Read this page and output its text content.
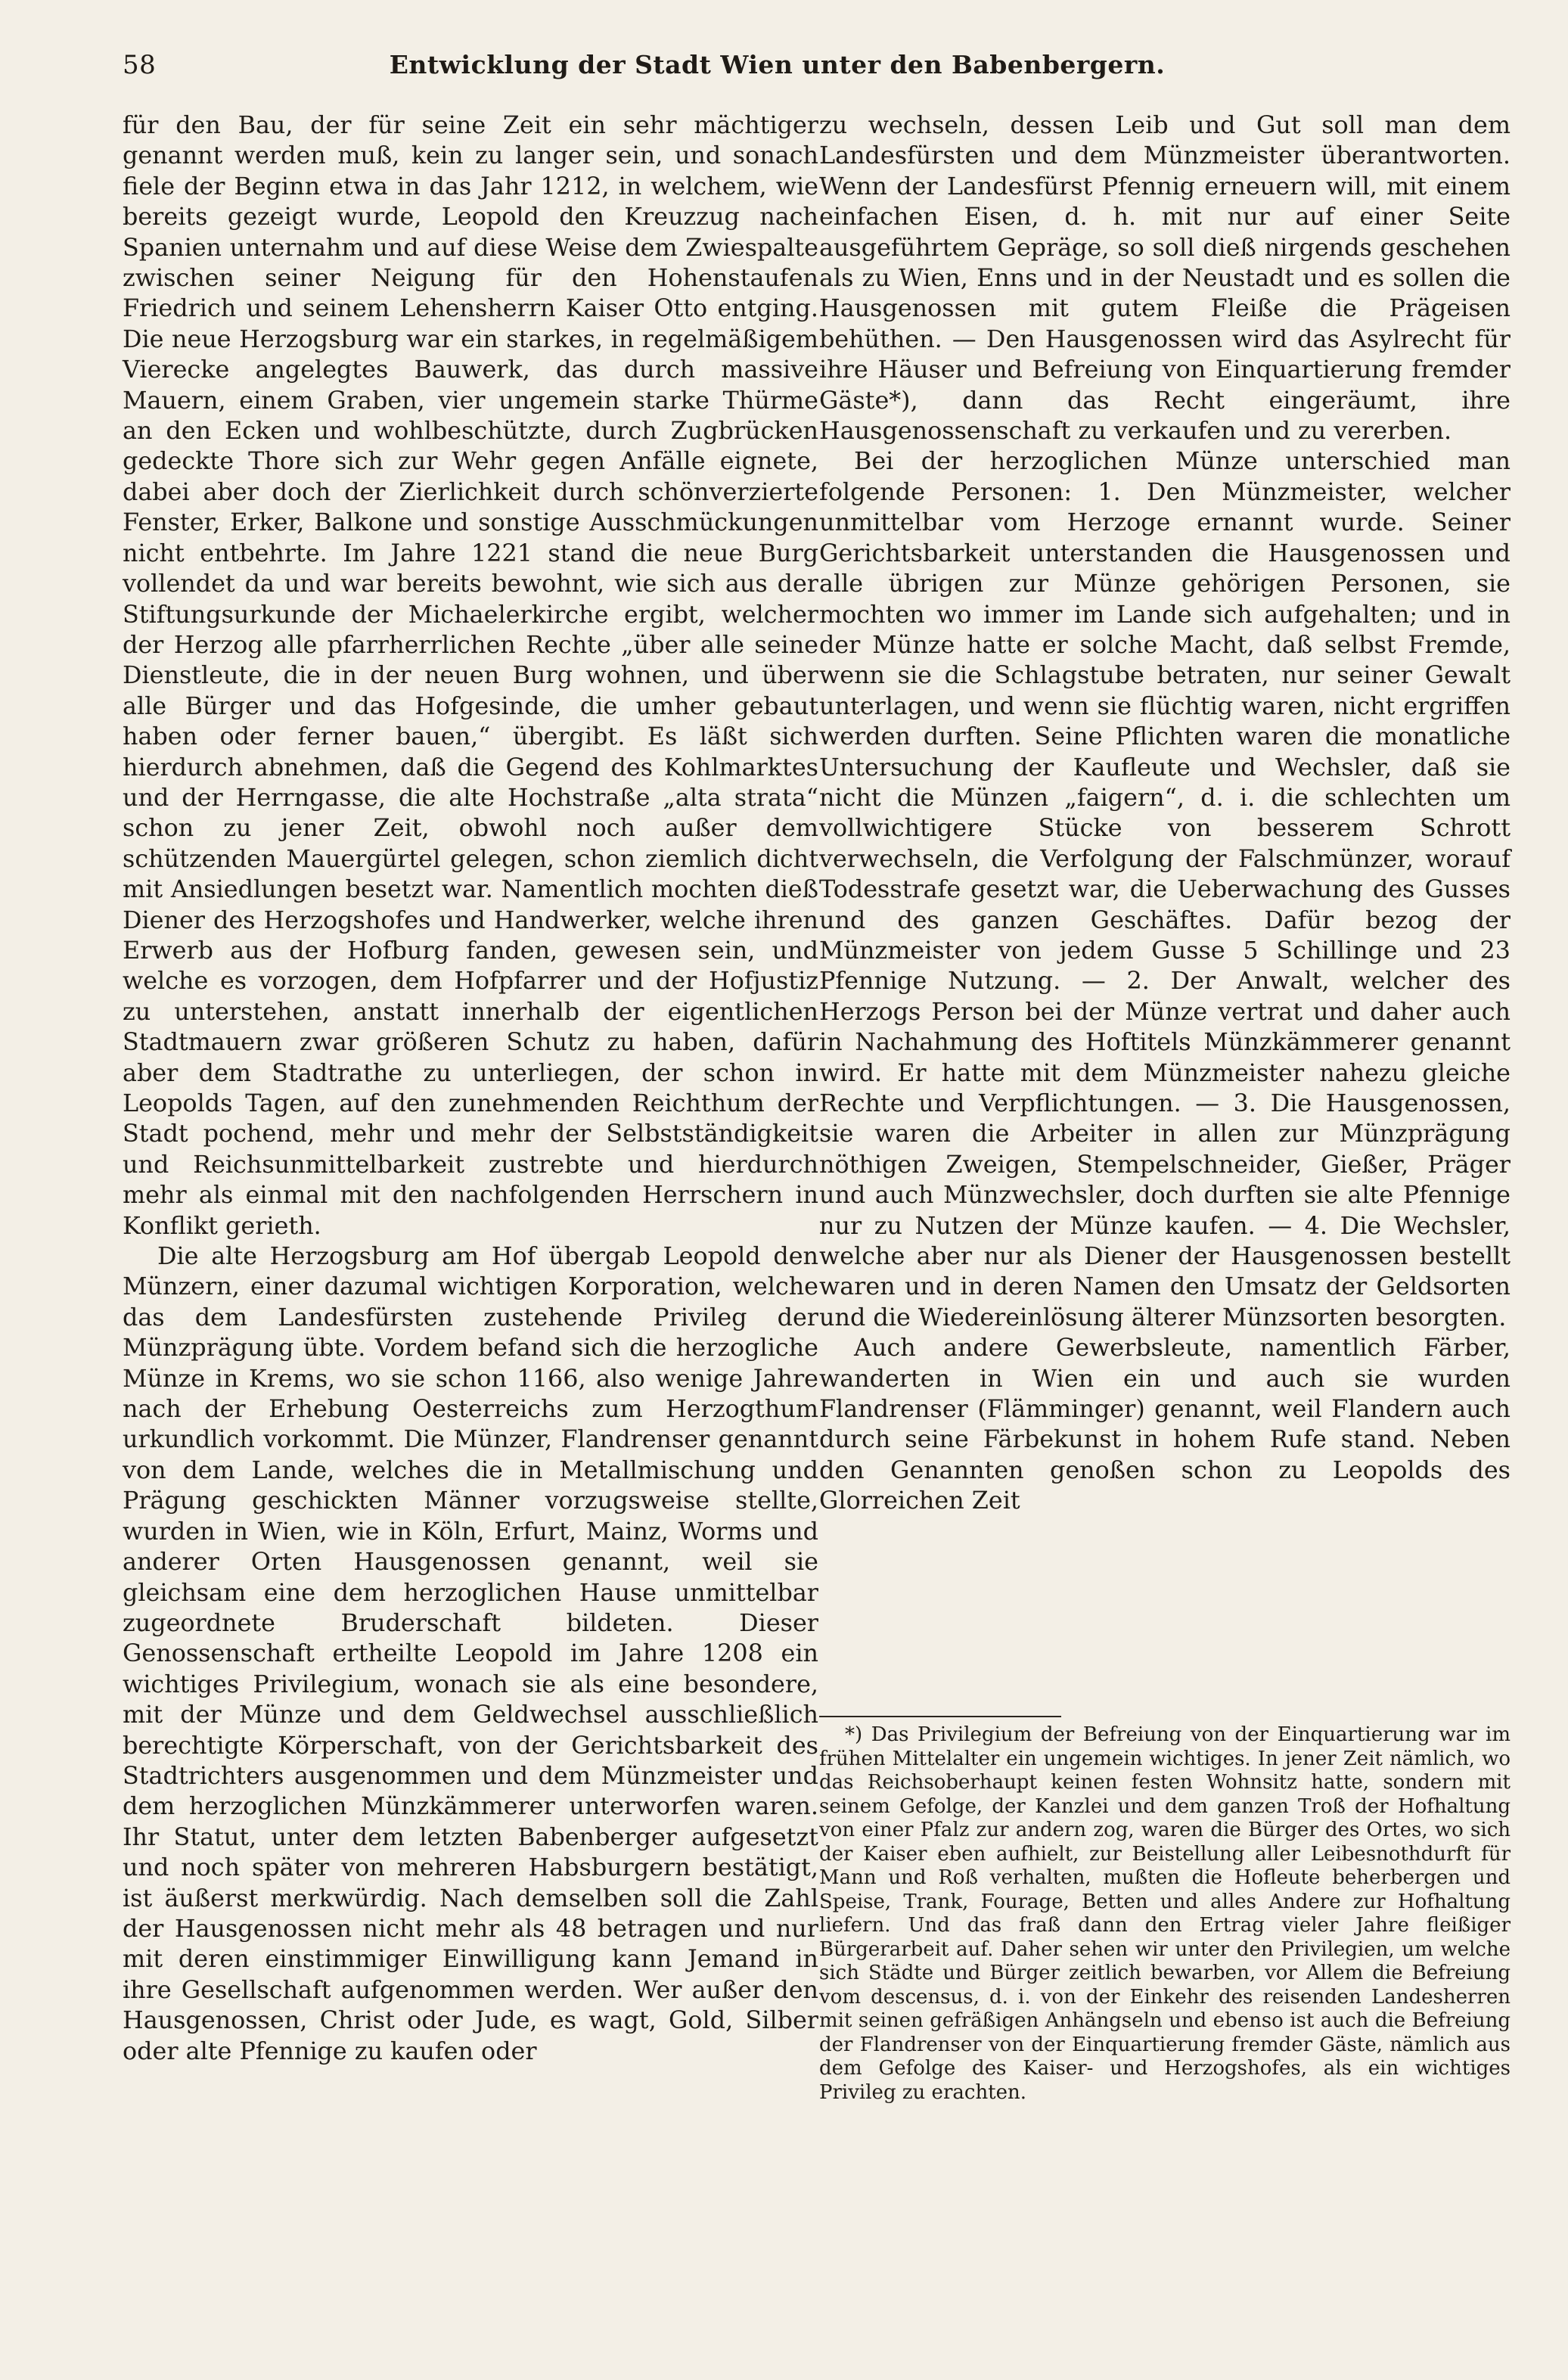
58	Entwicklung der Stadt Wien unter den Babenbergern.

für den Bau, der für seine Zeit ein sehr mächtiger genannt werden muß, kein zu langer sein, und sonach fiele der Beginn etwa in das Jahr 1212, in welchem, wie bereits gezeigt wurde, Leopold den Kreuzzug nach Spanien unternahm und auf diese Weise dem Zwiespalte zwischen seiner Neigung für den Hohenstaufen Friedrich und seinem Lehensherrn Kaiser Otto entging. Die neue Herzogsburg war ein starkes, in regelmäßigem Vierecke angelegtes Bauwerk, das durch massive Mauern, einem Graben, vier ungemein starke Thürme an den Ecken und wohlbeschützte, durch Zugbrücken gedeckte Thore sich zur Wehr gegen Anfälle eignete, dabei aber doch der Zierlichkeit durch schönverzierte Fenster, Erker, Balkone und sonstige Ausschmückungen nicht entbehrte. Im Jahre 1221 stand die neue Burg vollendet da und war bereits bewohnt, wie sich aus der Stiftungsurkunde der Michaelerkirche ergibt, welcher der Herzog alle pfarrherrlichen Rechte „über alle seine Dienstleute, die in der neuen Burg wohnen, und über alle Bürger und das Hofgesinde, die umher gebaut haben oder ferner bauen,“ übergibt. Es läßt sich hierdurch abnehmen, daß die Gegend des Kohlmarktes und der Herrngasse, die alte Hochstraße „alta strata“ schon zu jener Zeit, obwohl noch außer dem schützenden Mauergürtel gelegen, schon ziemlich dicht mit Ansiedlungen besetzt war. Namentlich mochten dieß Diener des Herzogshofes und Handwerker, welche ihren Erwerb aus der Hofburg fanden, gewesen sein, und welche es vorzogen, dem Hofpfarrer und der Hofjustiz zu unterstehen, anstatt innerhalb der eigentlichen Stadtmauern zwar größeren Schutz zu haben, dafür aber dem Stadtrathe zu unterliegen, der schon in Leopolds Tagen, auf den zunehmenden Reichthum der Stadt pochend, mehr und mehr der Selbstständigkeit und Reichsunmittelbarkeit zustrebte und hierdurch mehr als einmal mit den nachfolgenden Herrschern in Konflikt gerieth.

Die alte Herzogsburg am Hof übergab Leopold den Münzern, einer dazumal wichtigen Korporation, welche das dem Landesfürsten zustehende Privileg der Münzprägung übte. Vordem befand sich die herzogliche Münze in Krems, wo sie schon 1166, also wenige Jahre nach der Erhebung Oesterreichs zum Herzogthum urkundlich vorkommt. Die Münzer, Flandrenser genannt von dem Lande, welches die in Metallmischung und Prägung geschickten Männer vorzugsweise stellte, wurden in Wien, wie in Köln, Erfurt, Mainz, Worms und anderer Orten Hausgenossen genannt, weil sie gleichsam eine dem herzoglichen Hause unmittelbar zugeordnete Bruderschaft bildeten. Dieser Genossenschaft ertheilte Leopold im Jahre 1208 ein wichtiges Privilegium, wonach sie als eine besondere, mit der Münze und dem Geldwechsel ausschließlich berechtigte Körperschaft, von der Gerichtsbarkeit des Stadtrichters ausgenommen und dem Münzmeister und dem herzoglichen Münzkämmerer unterworfen waren. Ihr Statut, unter dem letzten Babenberger aufgesetzt und noch später von mehreren Habsburgern bestätigt, ist äußerst merkwürdig. Nach demselben soll die Zahl der Hausgenossen nicht mehr als 48 betragen und nur mit deren einstimmiger Einwilligung kann Jemand in ihre Gesellschaft aufgenommen werden. Wer außer den Hausgenossen, Christ oder Jude, es wagt, Gold, Silber oder alte Pfennige zu kaufen oder

zu wechseln, dessen Leib und Gut soll man dem Landesfürsten und dem Münzmeister überantworten. Wenn der Landesfürst Pfennig erneuern will, mit einem einfachen Eisen, d. h. mit nur auf einer Seite ausgeführtem Gepräge, so soll dieß nirgends geschehen als zu Wien, Enns und in der Neustadt und es sollen die Hausgenossen mit gutem Fleiße die Prägeisen behüthen. — Den Hausgenossen wird das Asylrecht für ihre Häuser und Befreiung von Einquartierung fremder Gäste*), dann das Recht eingeräumt, ihre Hausgenossenschaft zu verkaufen und zu vererben.

Bei der herzoglichen Münze unterschied man folgende Personen: 1. Den Münzmeister, welcher unmittelbar vom Herzoge ernannt wurde. Seiner Gerichtsbarkeit unterstanden die Hausgenossen und alle übrigen zur Münze gehörigen Personen, sie mochten wo immer im Lande sich aufgehalten; und in der Münze hatte er solche Macht, daß selbst Fremde, wenn sie die Schlagstube betraten, nur seiner Gewalt unterlagen, und wenn sie flüchtig waren, nicht ergriffen werden durften. Seine Pflichten waren die monatliche Untersuchung der Kaufleute und Wechsler, daß sie nicht die Münzen „faigern“, d. i. die schlechten um vollwichtigere Stücke von besserem Schrott verwechseln, die Verfolgung der Falschmünzer, worauf Todesstrafe gesetzt war, die Ueberwachung des Gusses und des ganzen Geschäftes. Dafür bezog der Münzmeister von jedem Gusse 5 Schillinge und 23 Pfennige Nutzung. — 2. Der Anwalt, welcher des Herzogs Person bei der Münze vertrat und daher auch in Nachahmung des Hoftitels Münzkämmerer genannt wird. Er hatte mit dem Münzmeister nahezu gleiche Rechte und Verpflichtungen. — 3. Die Hausgenossen, sie waren die Arbeiter in allen zur Münzprägung nöthigen Zweigen, Stempelschneider, Gießer, Präger und auch Münzwechsler, doch durften sie alte Pfennige nur zu Nutzen der Münze kaufen. — 4. Die Wechsler, welche aber nur als Diener der Hausgenossen bestellt waren und in deren Namen den Umsatz der Geldsorten und die Wiedereinlösung älterer Münzsorten besorgten.

Auch andere Gewerbsleute, namentlich Färber, wanderten in Wien ein und auch sie wurden Flandrenser (Flämminger) genannt, weil Flandern auch durch seine Färbekunst in hohem Rufe stand. Neben den Genannten genoßen schon zu Leopolds des Glorreichen Zeit

*) Das Privilegium der Befreiung von der Einquartierung war im frühen Mittelalter ein ungemein wichtiges. In jener Zeit nämlich, wo das Reichsoberhaupt keinen festen Wohnsitz hatte, sondern mit seinem Gefolge, der Kanzlei und dem ganzen Troß der Hofhaltung von einer Pfalz zur andern zog, waren die Bürger des Ortes, wo sich der Kaiser eben aufhielt, zur Beistellung aller Leibesnothdurft für Mann und Roß verhalten, mußten die Hofleute beherbergen und Speise, Trank, Fourage, Betten und alles Andere zur Hofhaltung liefern. Und das fraß dann den Ertrag vieler Jahre fleißiger Bürgerarbeit auf. Daher sehen wir unter den Privilegien, um welche sich Städte und Bürger zeitlich bewarben, vor Allem die Befreiung vom descensus, d. i. von der Einkehr des reisenden Landesherren mit seinen gefräßigen Anhängseln und ebenso ist auch die Befreiung der Flandrenser von der Einquartierung fremder Gäste, nämlich aus dem Gefolge des Kaiser- und Herzogshofes, als ein wichtiges Privileg zu erachten.
